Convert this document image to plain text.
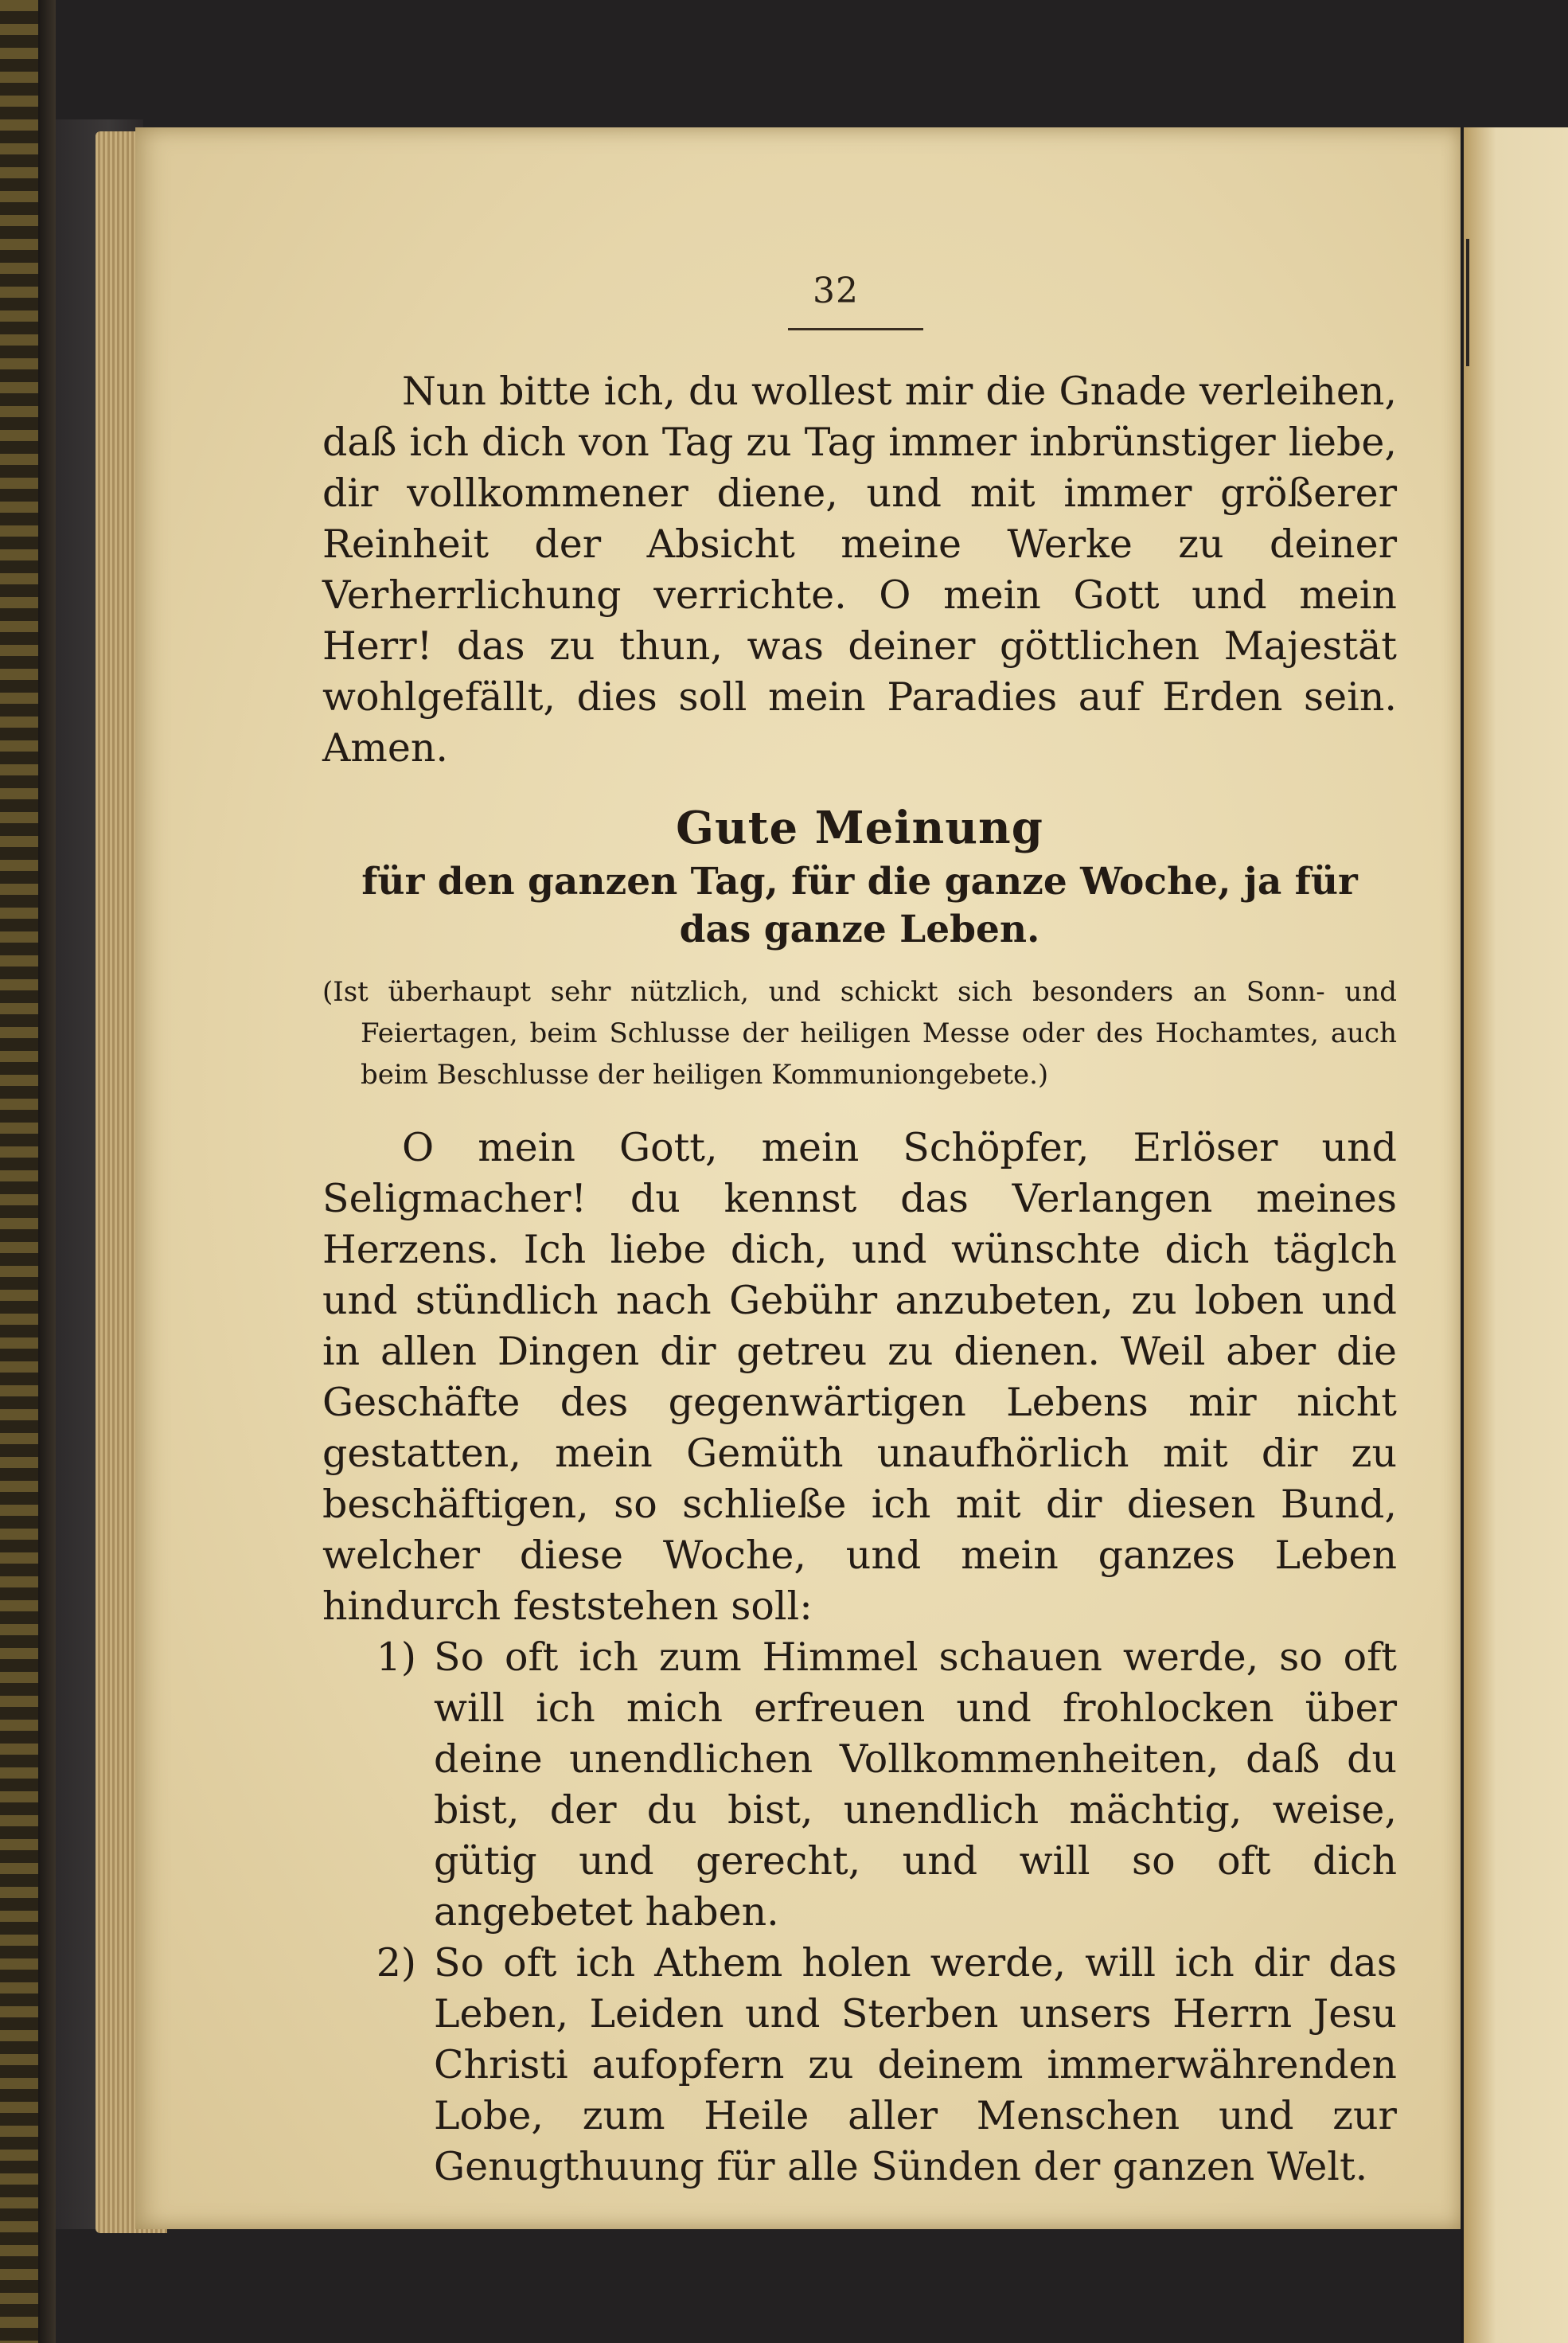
32

Nun bitte ich, du wollest mir die Gnade verleihen, daß ich dich von Tag zu Tag immer inbrünstiger liebe, dir vollkommener diene, und mit immer größerer Reinheit der Absicht meine Werke zu deiner Verherrlichung verrichte. O mein Gott und mein Herr! das zu thun, was deiner göttlichen Majestät wohlgefällt, dies soll mein Paradies auf Erden sein. Amen.

Gute Meinung
für den ganzen Tag, für die ganze Woche, ja für das ganze Leben.

(Ist überhaupt sehr nützlich, und schickt sich besonders an Sonn- und Feiertagen, beim Schlusse der heiligen Messe oder des Hochamtes, auch beim Beschlusse der heiligen Kommuniongebete.)

O mein Gott, mein Schöpfer, Erlöser und Seligmacher! du kennst das Verlangen meines Herzens. Ich liebe dich, und wünschte dich täglch und stündlich nach Gebühr anzubeten, zu loben und in allen Dingen dir getreu zu dienen. Weil aber die Geschäfte des gegenwärtigen Lebens mir nicht gestatten, mein Gemüth unaufhörlich mit dir zu beschäftigen, so schließe ich mit dir diesen Bund, welcher diese Woche, und mein ganzes Leben hindurch feststehen soll:

1) So oft ich zum Himmel schauen werde, so oft will ich mich erfreuen und frohlocken über deine unendlichen Vollkommenheiten, daß du bist, der du bist, unendlich mächtig, weise, gütig und gerecht, und will so oft dich angebetet haben.
2) So oft ich Athem holen werde, will ich dir das Leben, Leiden und Sterben unsers Herrn Jesu Christi aufopfern zu deinem immerwährenden Lobe, zum Heile aller Menschen und zur Genugthuung für alle Sünden der ganzen Welt.
